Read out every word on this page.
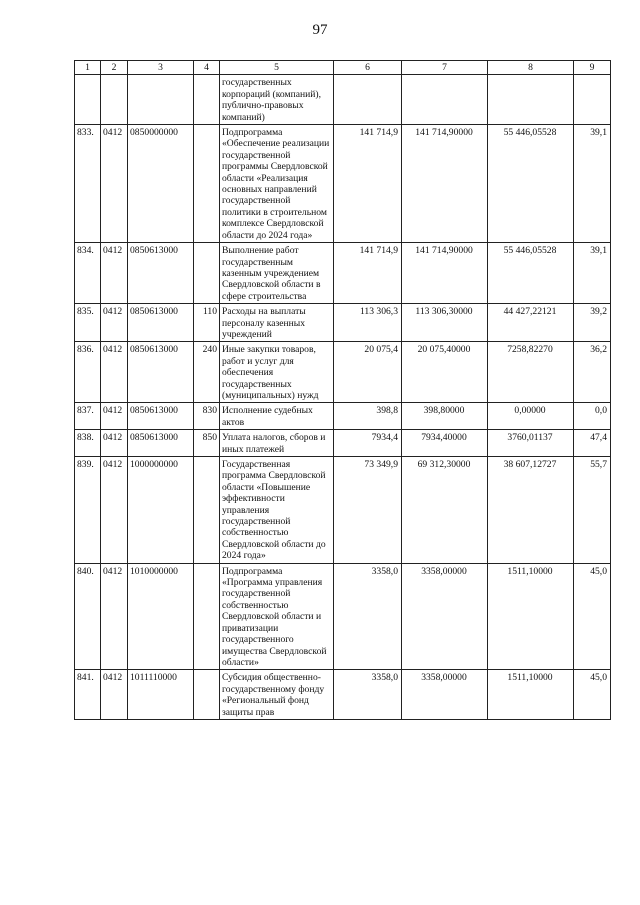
97
1	2	3	4	5	6	7	8	9
				государственных корпораций (компаний), публично-правовых компаний)				
833.	0412	0850000000		Подпрограмма «Обеспечение реализации государственной программы Свердловской области «Реализация основных направлений государственной политики в строительном комплексе Свердловской области до 2024 года»	141 714,9	141 714,90000	55 446,05528	39,1
834.	0412	0850613000		Выполнение работ государственным казенным учреждением Свердловской области в сфере строительства	141 714,9	141 714,90000	55 446,05528	39,1
835.	0412	0850613000	110	Расходы на выплаты персоналу казенных учреждений	113 306,3	113 306,30000	44 427,22121	39,2
836.	0412	0850613000	240	Иные закупки товаров, работ и услуг для обеспечения государственных (муниципальных) нужд	20 075,4	20 075,40000	7258,82270	36,2
837.	0412	0850613000	830	Исполнение судебных актов	398,8	398,80000	0,00000	0,0
838.	0412	0850613000	850	Уплата налогов, сборов и иных платежей	7934,4	7934,40000	3760,01137	47,4
839.	0412	1000000000		Государственная программа Свердловской области «Повышение эффективности управления государственной собственностью Свердловской области до 2024 года»	73 349,9	69 312,30000	38 607,12727	55,7
840.	0412	1010000000		Подпрограмма «Программа управления государственной собственностью Свердловской области и приватизации государственного имущества Свердловской области»	3358,0	3358,00000	1511,10000	45,0
841.	0412	1011110000		Субсидия общественно-государственному фонду «Региональный фонд защиты прав	3358,0	3358,00000	1511,10000	45,0
